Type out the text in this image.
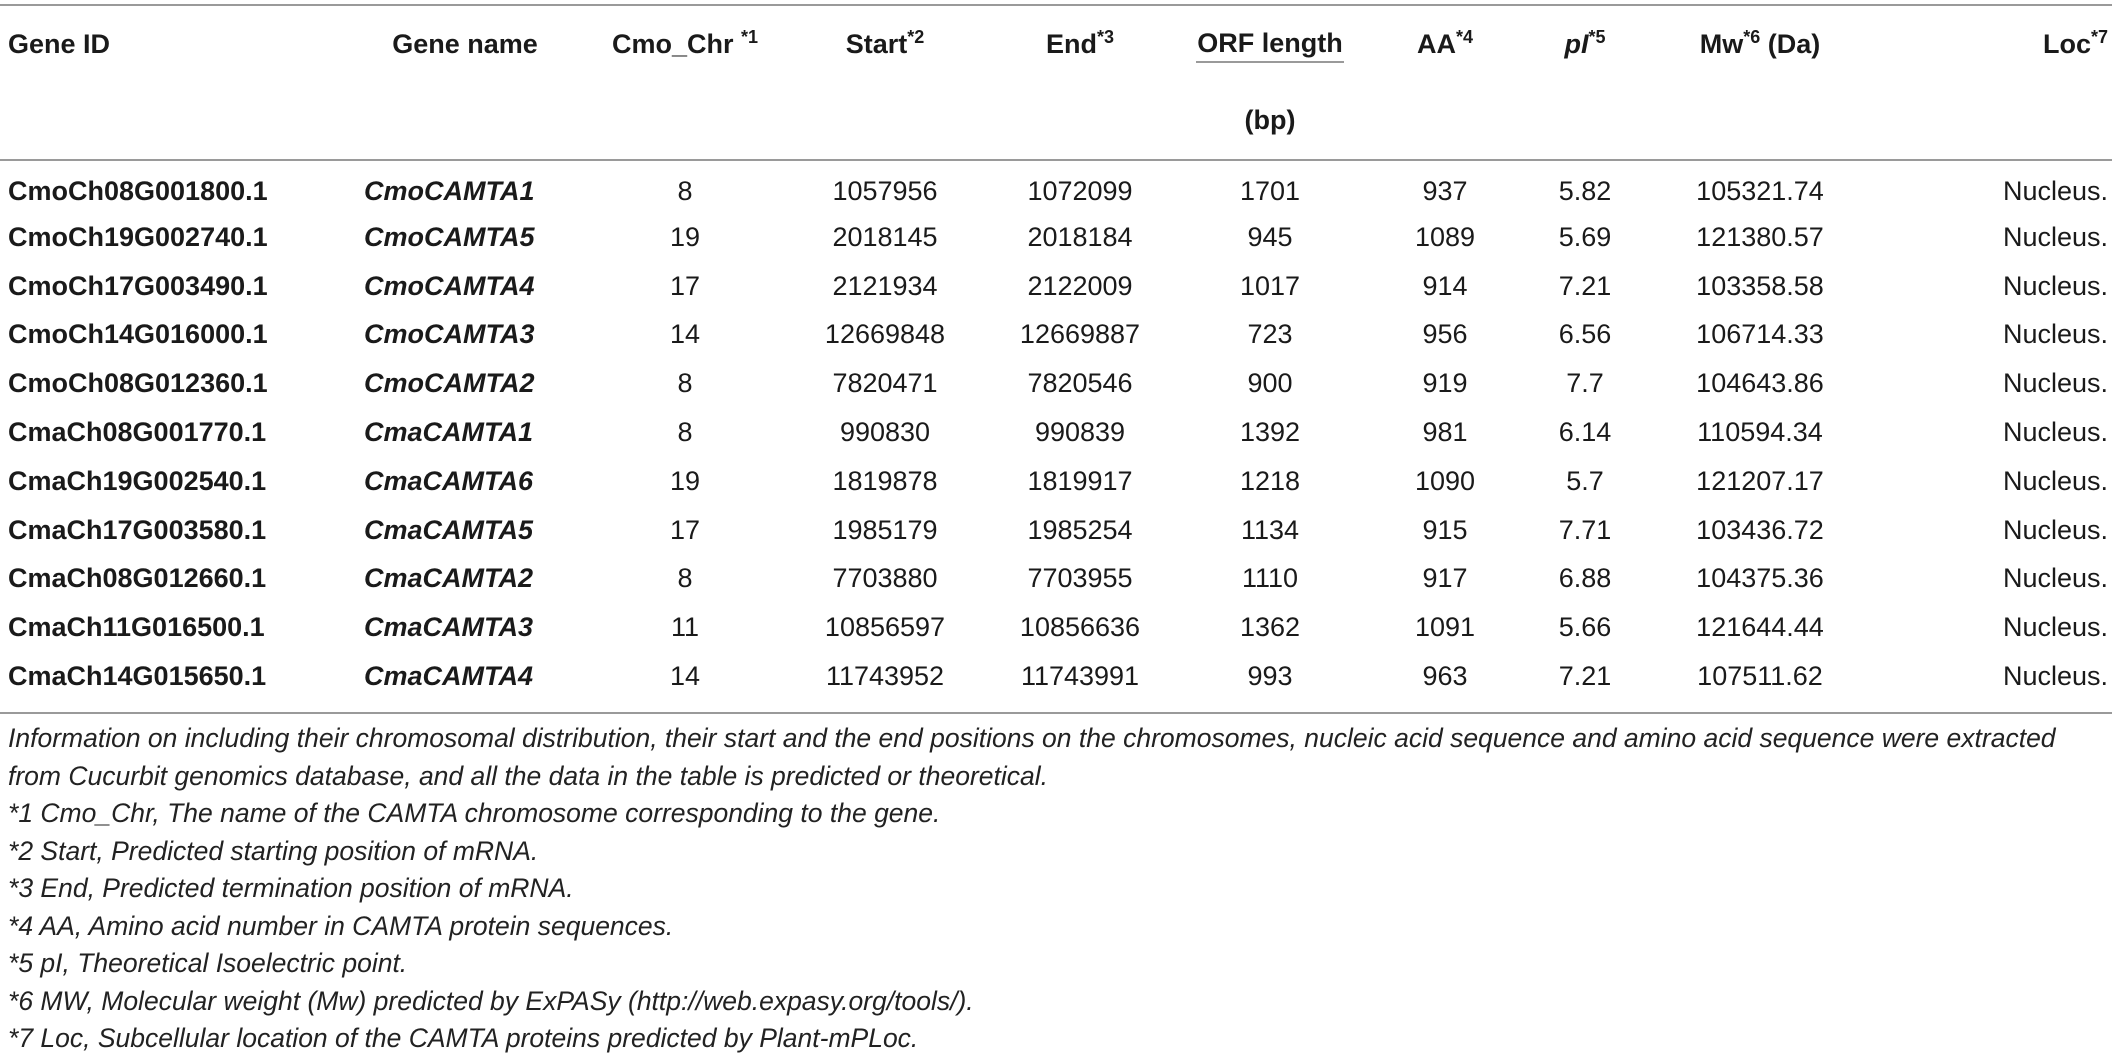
Gene ID	Gene name	Cmo_Chr $^{*1}$	Start$^{*2}$	End$^{*3}$	ORF length	AA$^{*4}$	$pI^{*5}$	Mw$^{*6}$ (Da)	Loc$^{*7}$
					(bp)				
CmoCh08G001800.1	CmoCAMTA1	8	1057956	1072099	1701	937	5.82	105321.74	Nucleus.
CmoCh19G002740.1	CmoCAMTA5	19	2018145	2018184	945	1089	5.69	121380.57	Nucleus.
CmoCh17G003490.1	CmoCAMTA4	17	2121934	2122009	1017	914	7.21	103358.58	Nucleus.
CmoCh14G016000.1	CmoCAMTA3	14	12669848	12669887	723	956	6.56	106714.33	Nucleus.
CmoCh08G012360.1	CmoCAMTA2	8	7820471	7820546	900	919	7.7	104643.86	Nucleus.
CmaCh08G001770.1	CmaCAMTA1	8	990830	990839	1392	981	6.14	110594.34	Nucleus.
CmaCh19G002540.1	CmaCAMTA6	19	1819878	1819917	1218	1090	5.7	121207.17	Nucleus.
CmaCh17G003580.1	CmaCAMTA5	17	1985179	1985254	1134	915	7.71	103436.72	Nucleus.
CmaCh08G012660.1	CmaCAMTA2	8	7703880	7703955	1110	917	6.88	104375.36	Nucleus.
CmaCh11G016500.1	CmaCAMTA3	11	10856597	10856636	1362	1091	5.66	121644.44	Nucleus.
CmaCh14G015650.1	CmaCAMTA4	14	11743952	11743991	993	963	7.21	107511.62	Nucleus.

Information on including their chromosomal distribution, their start and the end positions on the chromosomes, nucleic acid sequence and amino acid sequence were extracted from Cucurbit genomics database, and all the data in the table is predicted or theoretical.

*1 Cmo_Chr, The name of the CAMTA chromosome corresponding to the gene.

*2 Start, Predicted starting position of mRNA.

*3 End, Predicted termination position of mRNA.

*4 AA, Amino acid number in CAMTA protein sequences.

*5 pI, Theoretical Isoelectric point.

*6 MW, Molecular weight (Mw) predicted by ExPASy (http://web.expasy.org/tools/).

*7 Loc, Subcellular location of the CAMTA proteins predicted by Plant-mPLoc.
